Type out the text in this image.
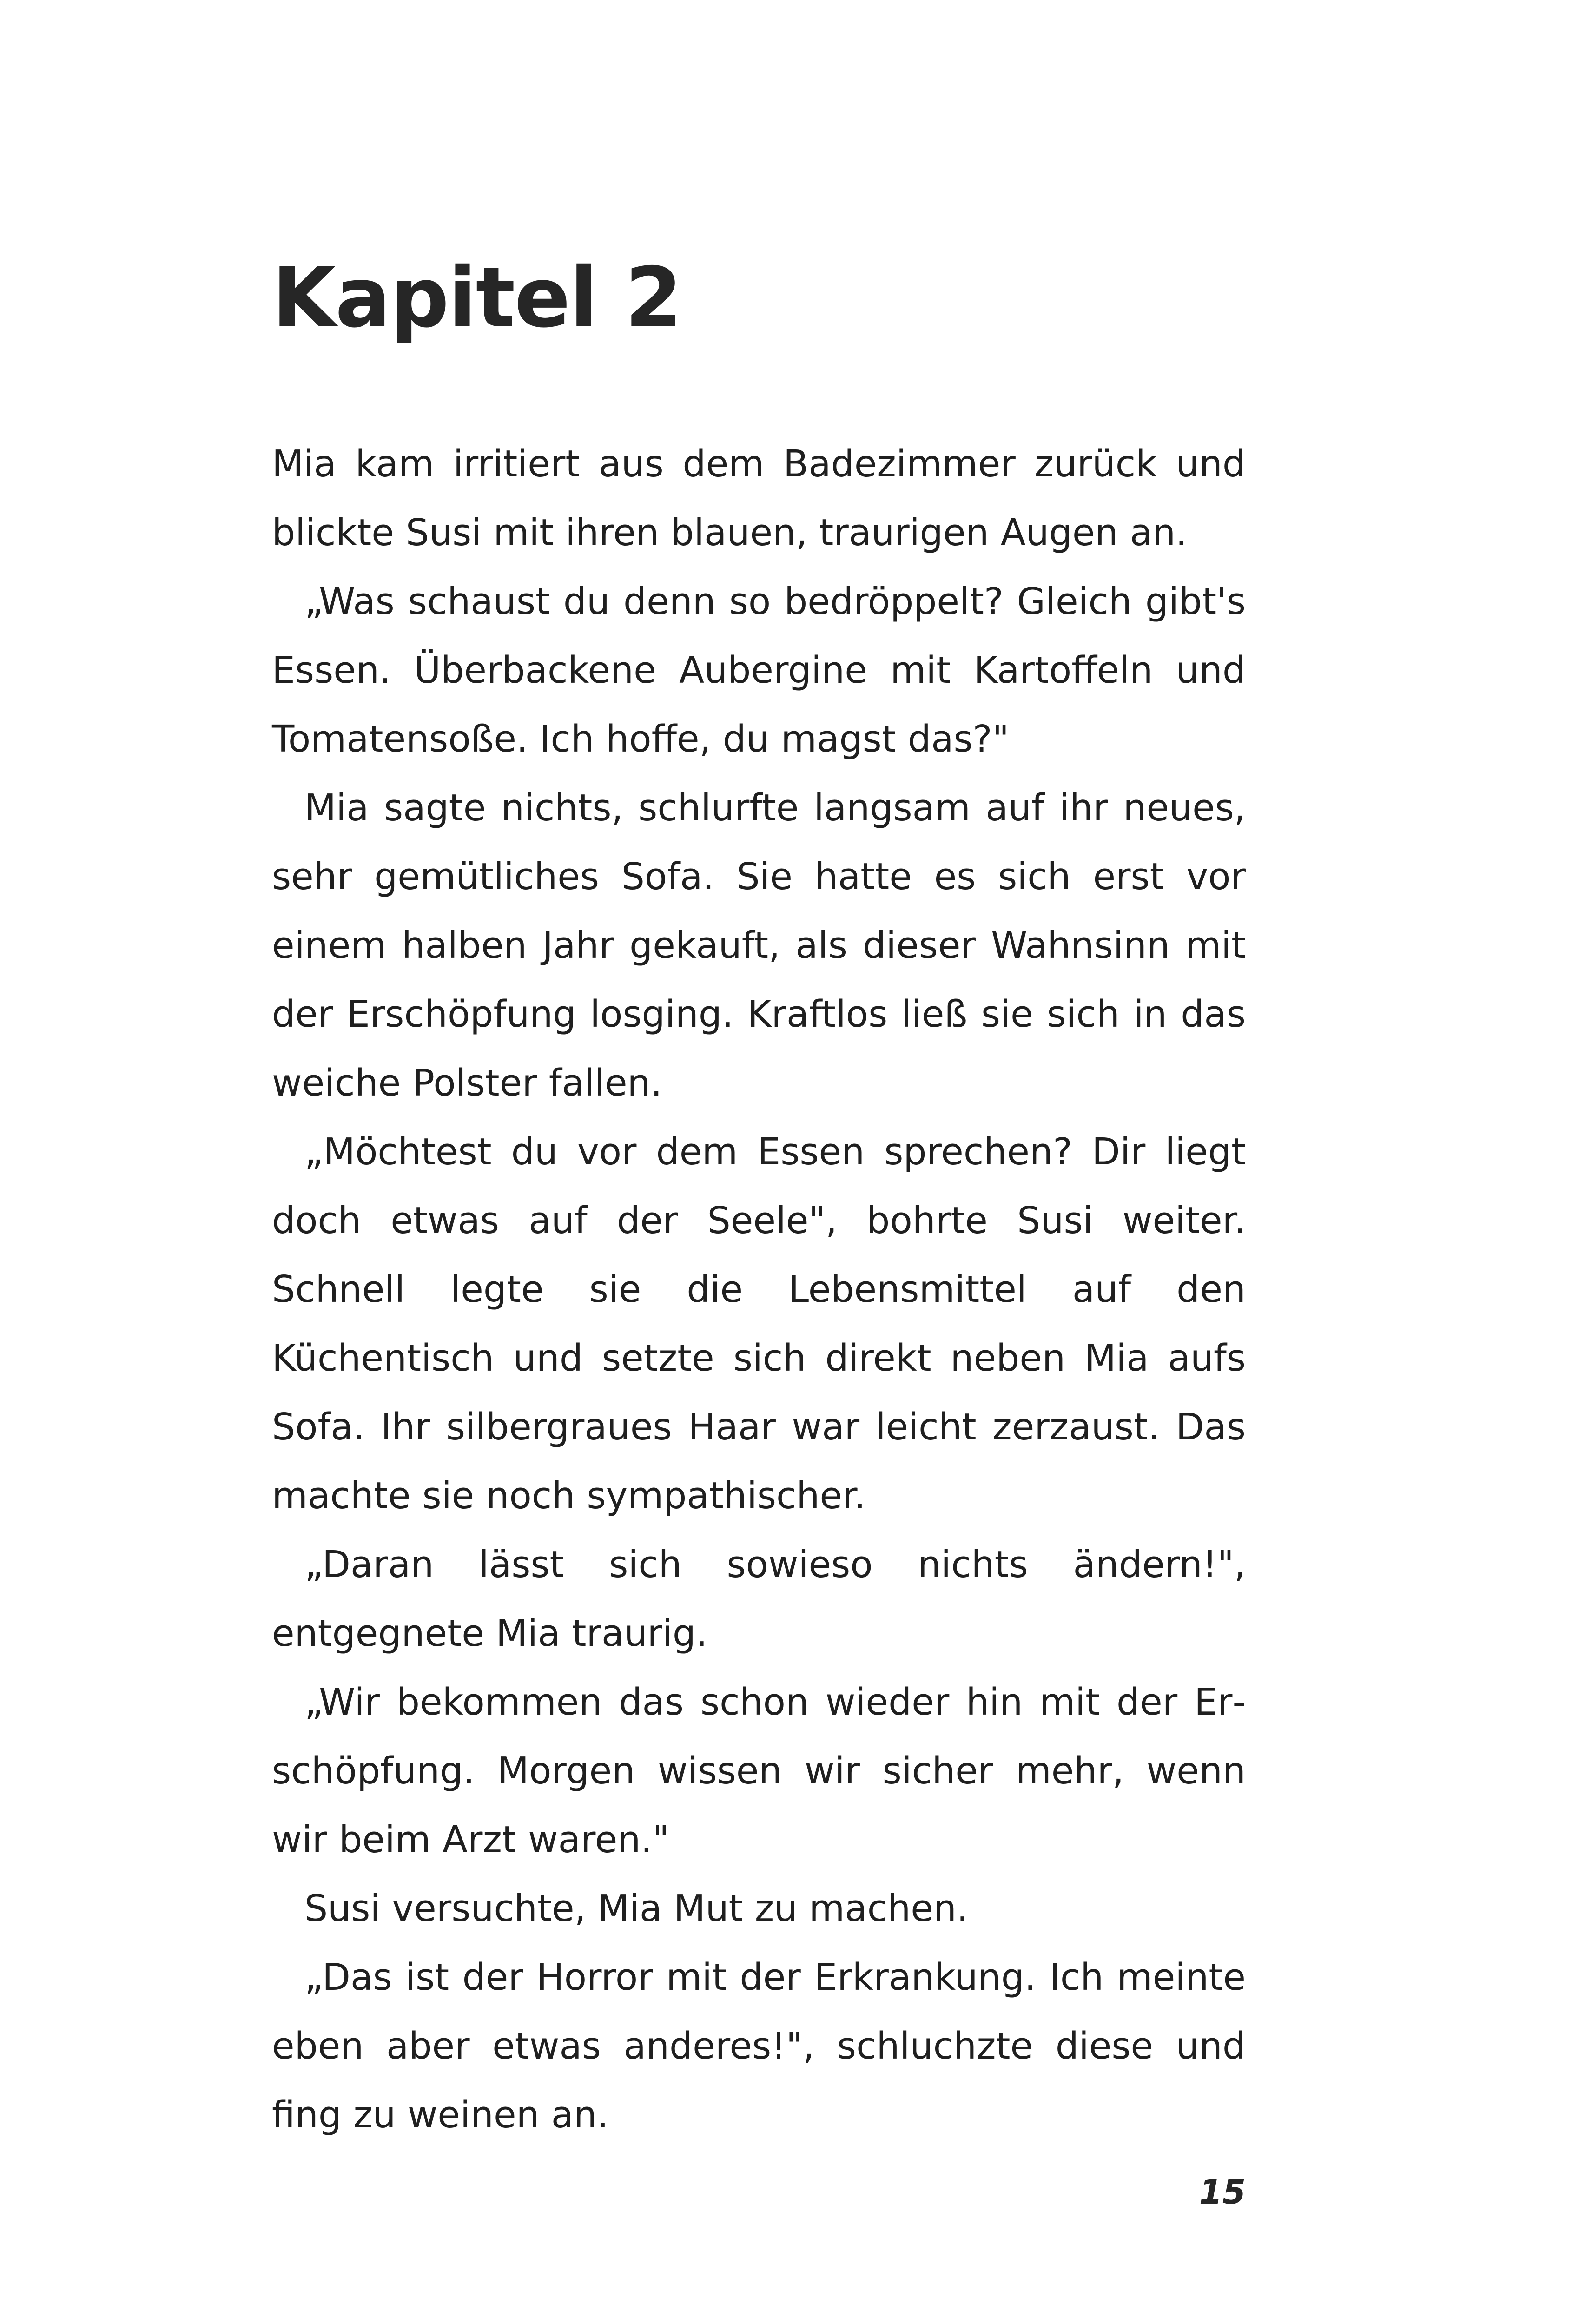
Kapitel 2

Mia kam irritiert aus dem Badezimmer zurück und blickte Susi mit ihren blauen, traurigen Augen an.

„Was schaust du denn so bedröppelt? Gleich gibt's Essen. Überbackene Aubergine mit Kartoffeln und Tomatensoße. Ich hoffe, du magst das?"

Mia sagte nichts, schlurfte langsam auf ihr neues, sehr gemütliches Sofa. Sie hatte es sich erst vor einem halben Jahr gekauft, als dieser Wahnsinn mit der Erschöpfung losging. Kraftlos ließ sie sich in das weiche Polster fallen.

„Möchtest du vor dem Essen sprechen? Dir liegt doch etwas auf der Seele", bohrte Susi weiter. Schnell legte sie die Lebensmittel auf den Küchentisch und setzte sich direkt neben Mia aufs Sofa. Ihr silbergraues Haar war leicht zerzaust. Das machte sie noch sympathischer.

„Daran lässt sich sowieso nichts ändern!", entgegnete Mia traurig.

„Wir bekommen das schon wieder hin mit der Erschöpfung. Morgen wissen wir sicher mehr, wenn wir beim Arzt waren."

Susi versuchte, Mia Mut zu machen.

„Das ist der Horror mit der Erkrankung. Ich meinte eben aber etwas anderes!", schluchzte diese und fing zu weinen an.

15
